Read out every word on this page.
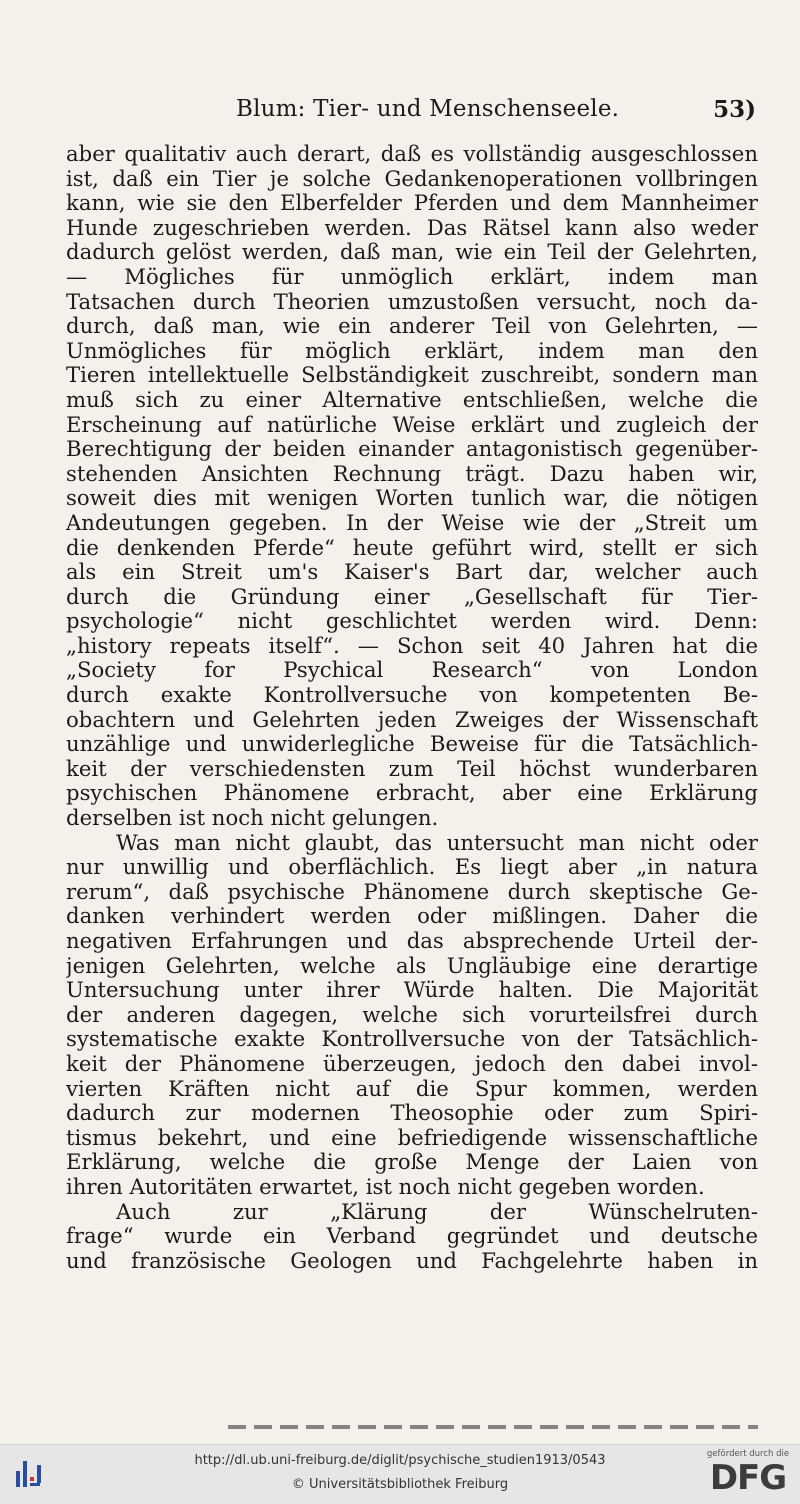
Blum: Tier- und Menschenseele.	53)
aber qualitativ auch derart, daß es vollständig ausgeschlossen
ist, daß ein Tier je solche Gedankenoperationen vollbringen
kann, wie sie den Elberfelder Pferden und dem Mannheimer
Hunde zugeschrieben werden. Das Rätsel kann also weder
dadurch gelöst werden, daß man, wie ein Teil der Gelehrten,
— Mögliches für unmöglich erklärt, indem man
Tatsachen durch Theorien umzustoßen versucht, noch da-
durch, daß man, wie ein anderer Teil von Gelehrten, —
Unmögliches für möglich erklärt, indem man den
Tieren intellektuelle Selbständigkeit zuschreibt, sondern man
muß sich zu einer Alternative entschließen, welche die
Erscheinung auf natürliche Weise erklärt und zugleich der
Berechtigung der beiden einander antagonistisch gegenüber-
stehenden Ansichten Rechnung trägt. Dazu haben wir,
soweit dies mit wenigen Worten tunlich war, die nötigen
Andeutungen gegeben. In der Weise wie der „Streit um
die denkenden Pferde“ heute geführt wird, stellt er sich
als ein Streit um's Kaiser's Bart dar, welcher auch
durch die Gründung einer „Gesellschaft für Tier-
psychologie“ nicht geschlichtet werden wird. Denn:
„history repeats itself“. — Schon seit 40 Jahren hat die
„Society for Psychical Research“ von London
durch exakte Kontrollversuche von kompetenten Be-
obachtern und Gelehrten jeden Zweiges der Wissenschaft
unzählige und unwiderlegliche Beweise für die Tatsächlich-
keit der verschiedensten zum Teil höchst wunderbaren
psychischen Phänomene erbracht, aber eine Erklärung
derselben ist noch nicht gelungen.
Was man nicht glaubt, das untersucht man nicht oder
nur unwillig und oberflächlich. Es liegt aber „in natura
rerum“, daß psychische Phänomene durch skeptische Ge-
danken verhindert werden oder mißlingen. Daher die
negativen Erfahrungen und das absprechende Urteil der-
jenigen Gelehrten, welche als Ungläubige eine derartige
Untersuchung unter ihrer Würde halten. Die Majorität
der anderen dagegen, welche sich vorurteilsfrei durch
systematische exakte Kontrollversuche von der Tatsächlich-
keit der Phänomene überzeugen, jedoch den dabei invol-
vierten Kräften nicht auf die Spur kommen, werden
dadurch zur modernen Theosophie oder zum Spiri-
tismus bekehrt, und eine befriedigende wissenschaftliche
Erklärung, welche die große Menge der Laien von
ihren Autoritäten erwartet, ist noch nicht gegeben worden.
Auch zur „Klärung der Wünschelruten-
frage“ wurde ein Verband gegründet und deutsche
und französische Geologen und Fachgelehrte haben in
http://dl.ub.uni-freiburg.de/diglit/psychische_studien1913/0543
© Universitätsbibliothek Freiburg
gefördert durch die
DFG
